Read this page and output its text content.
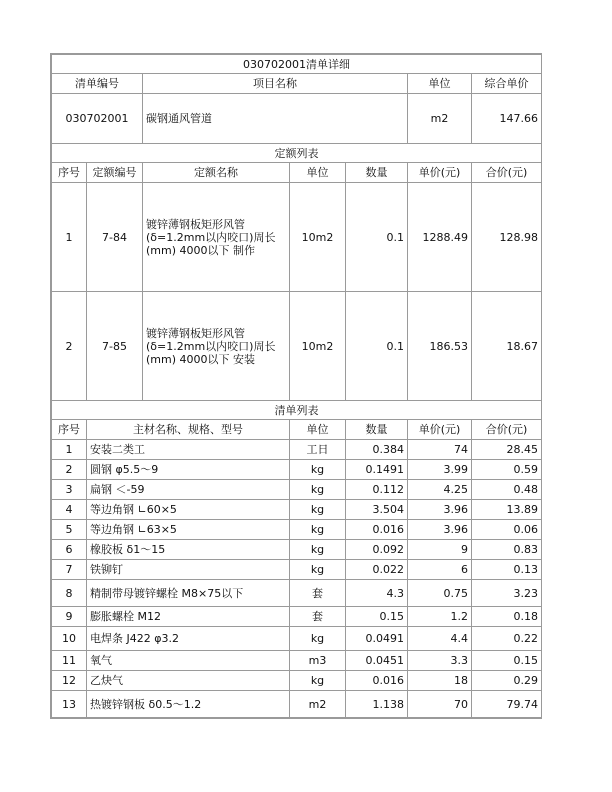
030702001清单详细						
清单编号		项目名称			单位	综合单价
030702001		碳钢通风管道			m2	147.66
定额列表						
序号	定额编号	定额名称	单位	数量	单价(元)	合价(元)
1	7-84	镀锌薄钢板矩形风管(δ=1.2mm以内咬口)周长(mm) 4000以下 制作	10m2	0.1	1288.49	128.98
2	7-85	镀锌薄钢板矩形风管(δ=1.2mm以内咬口)周长(mm) 4000以下 安装	10m2	0.1	186.53	18.67
清单列表						
序号	主材名称、规格、型号		单位	数量	单价(元)	合价(元)
1	安装二类工		工日	0.384	74	28.45
2	圆钢 φ5.5～9		kg	0.1491	3.99	0.59
3	扁钢 ＜-59		kg	0.112	4.25	0.48
4	等边角钢 ∟60×5		kg	3.504	3.96	13.89
5	等边角钢 ∟63×5		kg	0.016	3.96	0.06
6	橡胶板 δ1～15		kg	0.092	9	0.83
7	铁铆钉		kg	0.022	6	0.13
8	精制带母镀锌螺栓 M8×75以下		套	4.3	0.75	3.23
9	膨胀螺栓 M12		套	0.15	1.2	0.18
10	电焊条 J422 φ3.2		kg	0.0491	4.4	0.22
11	氧气		m3	0.0451	3.3	0.15
12	乙炔气		kg	0.016	18	0.29
13	热镀锌钢板 δ0.5～1.2		m2	1.138	70	79.74
